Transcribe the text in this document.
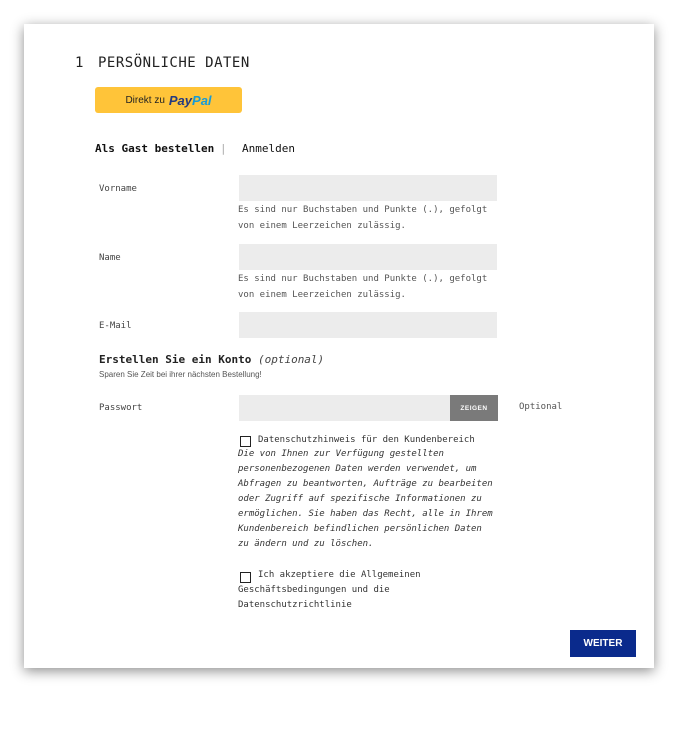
1 PERSÖNLICHE DATEN
Direkt zu PayPal
Als Gast bestellen | Anmelden
Vorname
Es sind nur Buchstaben und Punkte (.), gefolgt von einem Leerzeichen zulässig.
Name
Es sind nur Buchstaben und Punkte (.), gefolgt von einem Leerzeichen zulässig.
E-Mail
Erstellen Sie ein Konto (optional)
Sparen Sie Zeit bei ihrer nächsten Bestellung!
Passwort	ZEIGEN	Optional
Datenschutzhinweis für den Kundenbereich
Die von Ihnen zur Verfügung gestellten personenbezogenen Daten werden verwendet, um Abfragen zu beantworten, Aufträge zu bearbeiten oder Zugriff auf spezifische Informationen zu ermöglichen. Sie haben das Recht, alle in Ihrem Kundenbereich befindlichen persönlichen Daten zu ändern und zu löschen.
Ich akzeptiere die Allgemeinen Geschäftsbedingungen und die Datenschutzrichtlinie
WEITER
